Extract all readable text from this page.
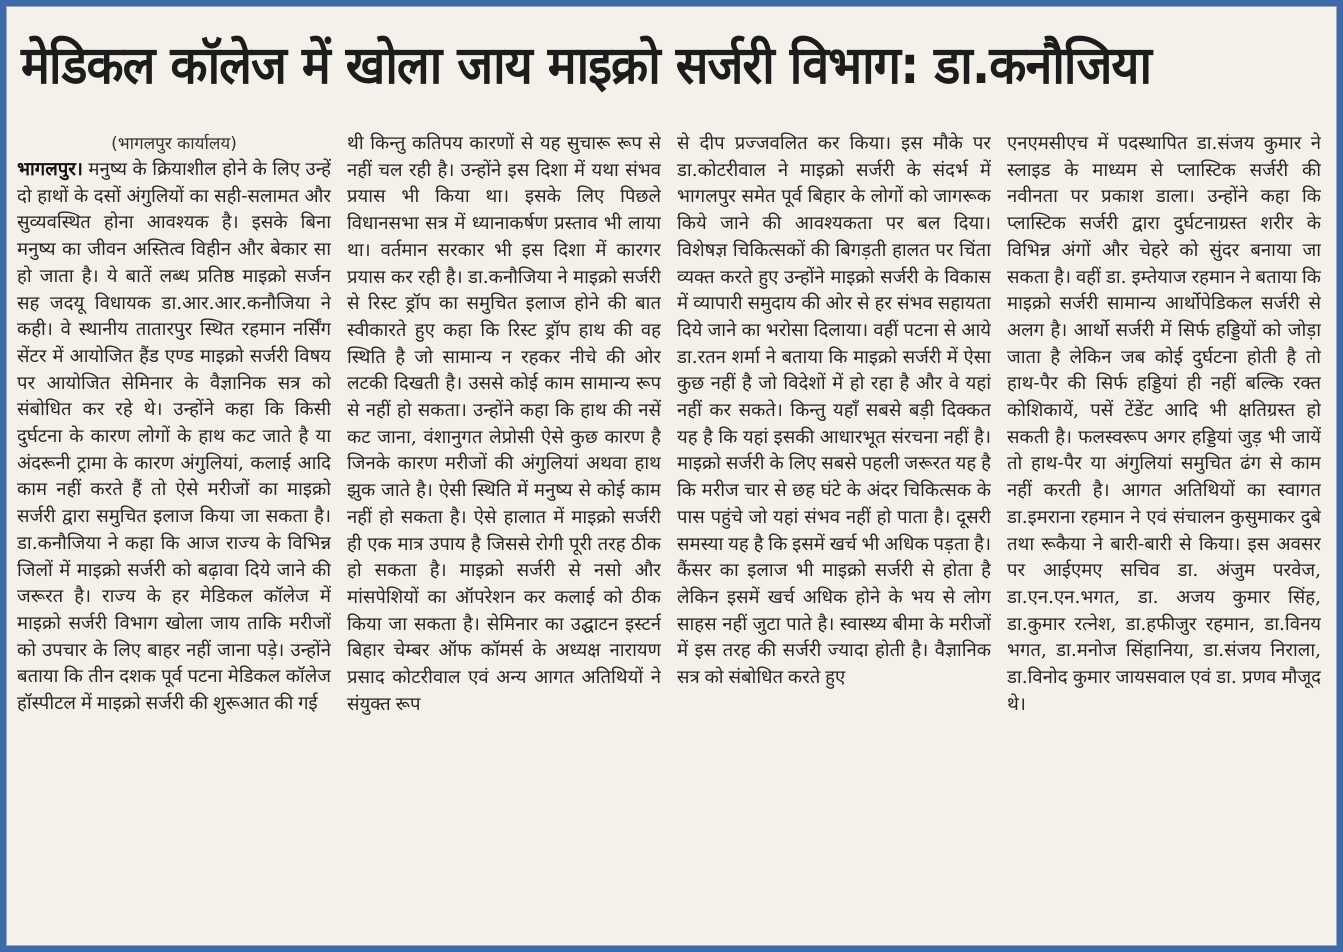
मेडिकल कॉलेज में खोला जाय माइक्रो सर्जरी विभाग: डा.कनौजिया
(भागलपुर कार्यालय)

भागलपुर। मनुष्य के क्रियाशील होने के लिए उन्हें दो हाथों के दसों अंगुलियों का सही-सलामत और सुव्यवस्थित होना आवश्यक है। इसके बिना मनुष्य का जीवन अस्तित्व विहीन और बेकार सा हो जाता है। ये बातें लब्ध प्रतिष्ठ माइक्रो सर्जन सह जदयू विधायक डा.आर.आर.कनौजिया ने कही। वे स्थानीय तातारपुर स्थित रहमान नर्सिंग सेंटर में आयोजित हैंड एण्ड माइक्रो सर्जरी विषय पर आयोजित सेमिनार के वैज्ञानिक सत्र को संबोधित कर रहे थे। उन्होंने कहा कि किसी दुर्घटना के कारण लोगों के हाथ कट जाते है या अंदरूनी ट्रामा के कारण अंगुलियां, कलाई आदि काम नहीं करते हैं तो ऐसे मरीजों का माइक्रो सर्जरी द्वारा समुचित इलाज किया जा सकता है। डा.कनौजिया ने कहा कि आज राज्य के विभिन्न जिलों में माइक्रो सर्जरी को बढ़ावा दिये जाने की जरूरत है। राज्य के हर मेडिकल कॉलेज में माइक्रो सर्जरी विभाग खोला जाय ताकि मरीजों को उपचार के लिए बाहर नहीं जाना पड़े। उन्होंने बताया कि तीन दशक पूर्व पटना मेडिकल कॉलेज हॉस्पीटल में माइक्रो सर्जरी की शुरूआत की गई

थी किन्तु कतिपय कारणों से यह सुचारू रूप से नहीं चल रही है। उन्होंने इस दिशा में यथा संभव प्रयास भी किया था। इसके लिए पिछले विधानसभा सत्र में ध्यानाकर्षण प्रस्ताव भी लाया था। वर्तमान सरकार भी इस दिशा में कारगर प्रयास कर रही है। डा.कनौजिया ने माइक्रो सर्जरी से रिस्ट ड्रॉप का समुचित इलाज होने की बात स्वीकारते हुए कहा कि रिस्ट ड्रॉप हाथ की वह स्थिति है जो सामान्य न रहकर नीचे की ओर लटकी दिखती है। उससे कोई काम सामान्य रूप से नहीं हो सकता। उन्होंने कहा कि हाथ की नसें कट जाना, वंशानुगत लेप्रोसी ऐसे कुछ कारण है जिनके कारण मरीजों की अंगुलियां अथवा हाथ झुक जाते है। ऐसी स्थिति में मनुष्य से कोई काम नहीं हो सकता है। ऐसे हालात में माइक्रो सर्जरी ही एक मात्र उपाय है जिससे रोगी पूरी तरह ठीक हो सकता है। माइक्रो सर्जरी से नसो और मांसपेशियों का ऑपरेशन कर कलाई को ठीक किया जा सकता है। सेमिनार का उद्घाटन इस्टर्न बिहार चेम्बर ऑफ कॉमर्स के अध्यक्ष नारायण प्रसाद कोटरीवाल एवं अन्य आगत अतिथियों ने संयुक्त रूप

से दीप प्रज्जवलित कर किया। इस मौके पर डा.कोटरीवाल ने माइक्रो सर्जरी के संदर्भ में भागलपुर समेत पूर्व बिहार के लोगों को जागरूक किये जाने की आवश्यकता पर बल दिया। विशेषज्ञ चिकित्सकों की बिगड़ती हालत पर चिंता व्यक्त करते हुए उन्होंने माइक्रो सर्जरी के विकास में व्यापारी समुदाय की ओर से हर संभव सहायता दिये जाने का भरोसा दिलाया। वहीं पटना से आये डा.रतन शर्मा ने बताया कि माइक्रो सर्जरी में ऐसा कुछ नहीं है जो विदेशों में हो रहा है और वे यहां नहीं कर सकते। किन्तु यहाँ सबसे बड़ी दिक्कत यह है कि यहां इसकी आधारभूत संरचना नहीं है। माइक्रो सर्जरी के लिए सबसे पहली जरूरत यह है कि मरीज चार से छह घंटे के अंदर चिकित्सक के पास पहुंचे जो यहां संभव नहीं हो पाता है। दूसरी समस्या यह है कि इसमें खर्च भी अधिक पड़ता है। कैंसर का इलाज भी माइक्रो सर्जरी से होता है लेकिन इसमें खर्च अधिक होने के भय से लोग साहस नहीं जुटा पाते है। स्वास्थ्य बीमा के मरीजों में इस तरह की सर्जरी ज्यादा होती है। वैज्ञानिक सत्र को संबोधित करते हुए

एनएमसीएच में पदस्थापित डा.संजय कुमार ने स्लाइड के माध्यम से प्लास्टिक सर्जरी की नवीनता पर प्रकाश डाला। उन्होंने कहा कि प्लास्टिक सर्जरी द्वारा दुर्घटनाग्रस्त शरीर के विभिन्न अंगों और चेहरे को सुंदर बनाया जा सकता है। वहीं डा. इम्तेयाज रहमान ने बताया कि माइक्रो सर्जरी सामान्य आर्थोपेडिकल सर्जरी से अलग है। आर्थो सर्जरी में सिर्फ हड्डियों को जोड़ा जाता है लेकिन जब कोई दुर्घटना होती है तो हाथ-पैर की सिर्फ हड्डियां ही नहीं बल्कि रक्त कोशिकायें, पसें टेंडेंट आदि भी क्षतिग्रस्त हो सकती है। फलस्वरूप अगर हड्डियां जुड़ भी जायें तो हाथ-पैर या अंगुलियां समुचित ढंग से काम नहीं करती है। आगत अतिथियों का स्वागत डा.इमराना रहमान ने एवं संचालन कुसुमाकर दुबे तथा रूकैया ने बारी-बारी से किया। इस अवसर पर आईएमए सचिव डा. अंजुम परवेज, डा.एन.एन.भगत, डा. अजय कुमार सिंह, डा.कुमार रत्नेश, डा.हफीजुर रहमान, डा.विनय भगत, डा.मनोज सिंहानिया, डा.संजय निराला, डा.विनोद कुमार जायसवाल एवं डा. प्रणव मौजूद थे।
